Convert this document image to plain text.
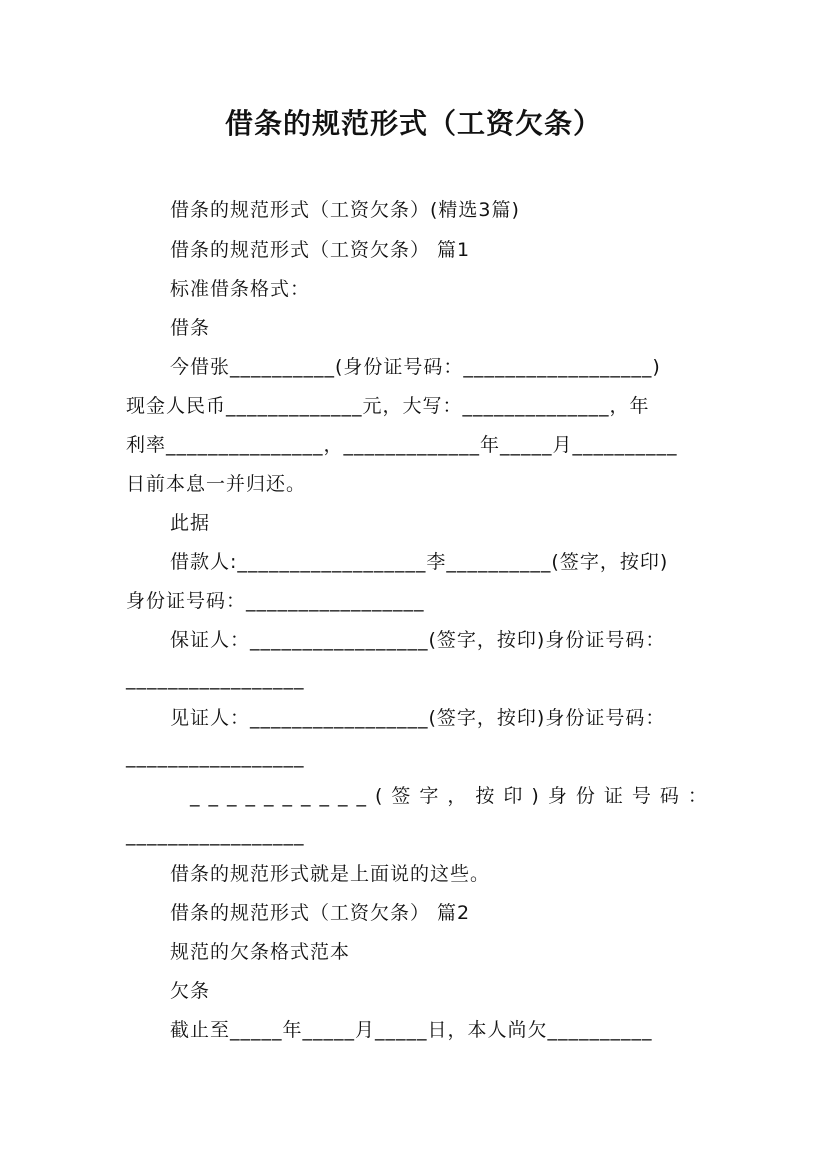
借条的规范形式（工资欠条）
借条的规范形式（工资欠条）(精选3篇)
借条的规范形式（工资欠条） 篇1
标准借条格式：
借条
今借张__________(身份证号码：__________________)
现金人民币_____________元，大写：______________，年
利率_______________，_____________年_____月__________
日前本息一并归还。
此据
借款人:__________________李__________(签字，按印)
身份证号码：_________________
保证人：_________________(签字，按印)身份证号码：
_________________
见证人：_________________(签字，按印)身份证号码：
_________________
__________(签字，按印)身份证号码：
_________________
借条的规范形式就是上面说的这些。
借条的规范形式（工资欠条） 篇2
规范的欠条格式范本
欠条
截止至_____年_____月_____日，本人尚欠__________
